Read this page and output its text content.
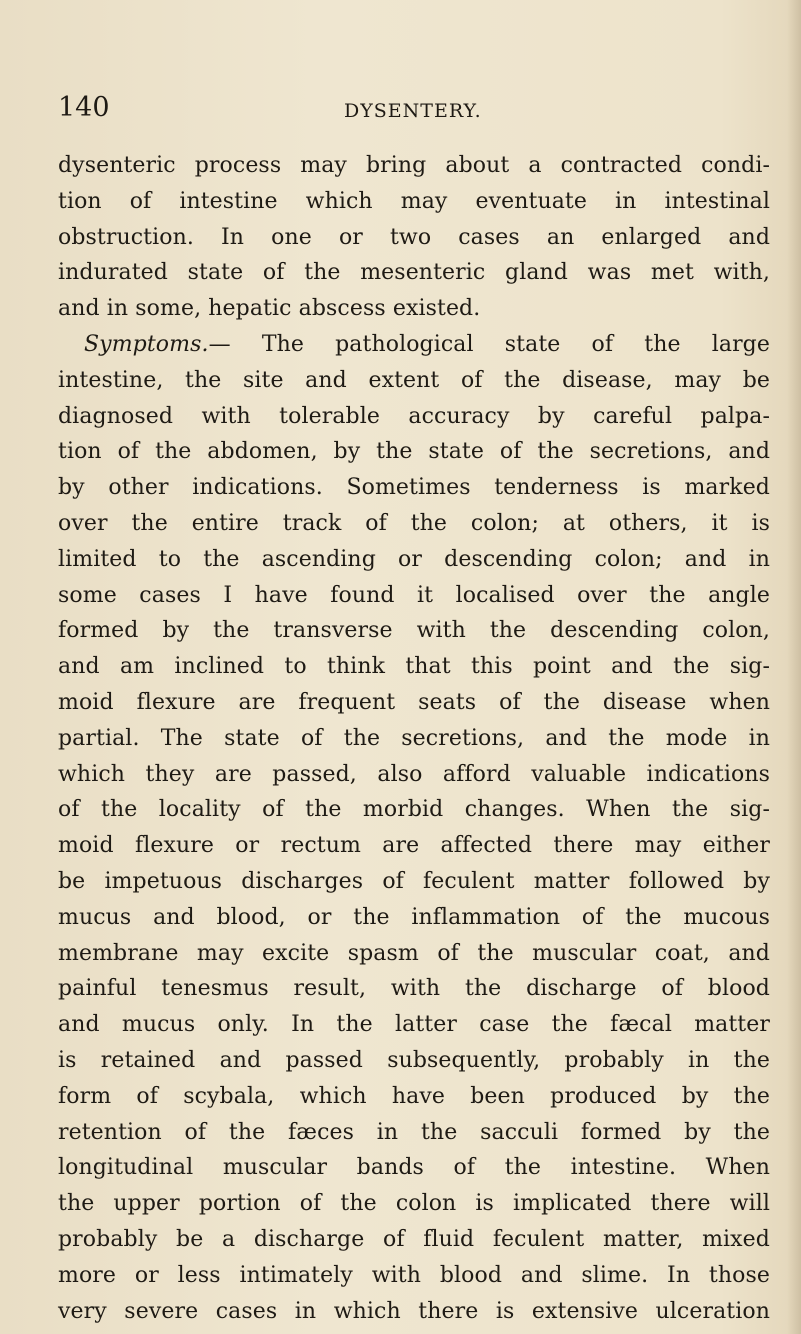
140	DYSENTERY.
dysenteric process may bring about a contracted condi-
tion of intestine which may eventuate in intestinal
obstruction. In one or two cases an enlarged and
indurated state of the mesenteric gland was met with,
and in some, hepatic abscess existed.
Symptoms.— The pathological state of the large
intestine, the site and extent of the disease, may be
diagnosed with tolerable accuracy by careful palpa-
tion of the abdomen, by the state of the secretions, and
by other indications. Sometimes tenderness is marked
over the entire track of the colon; at others, it is
limited to the ascending or descending colon; and in
some cases I have found it localised over the angle
formed by the transverse with the descending colon,
and am inclined to think that this point and the sig-
moid flexure are frequent seats of the disease when
partial. The state of the secretions, and the mode in
which they are passed, also afford valuable indications
of the locality of the morbid changes. When the sig-
moid flexure or rectum are affected there may either
be impetuous discharges of feculent matter followed by
mucus and blood, or the inflammation of the mucous
membrane may excite spasm of the muscular coat, and
painful tenesmus result, with the discharge of blood
and mucus only. In the latter case the fæcal matter
is retained and passed subsequently, probably in the
form of scybala, which have been produced by the
retention of the fæces in the sacculi formed by the
longitudinal muscular bands of the intestine. When
the upper portion of the colon is implicated there will
probably be a discharge of fluid feculent matter, mixed
more or less intimately with blood and slime. In those
very severe cases in which there is extensive ulceration
